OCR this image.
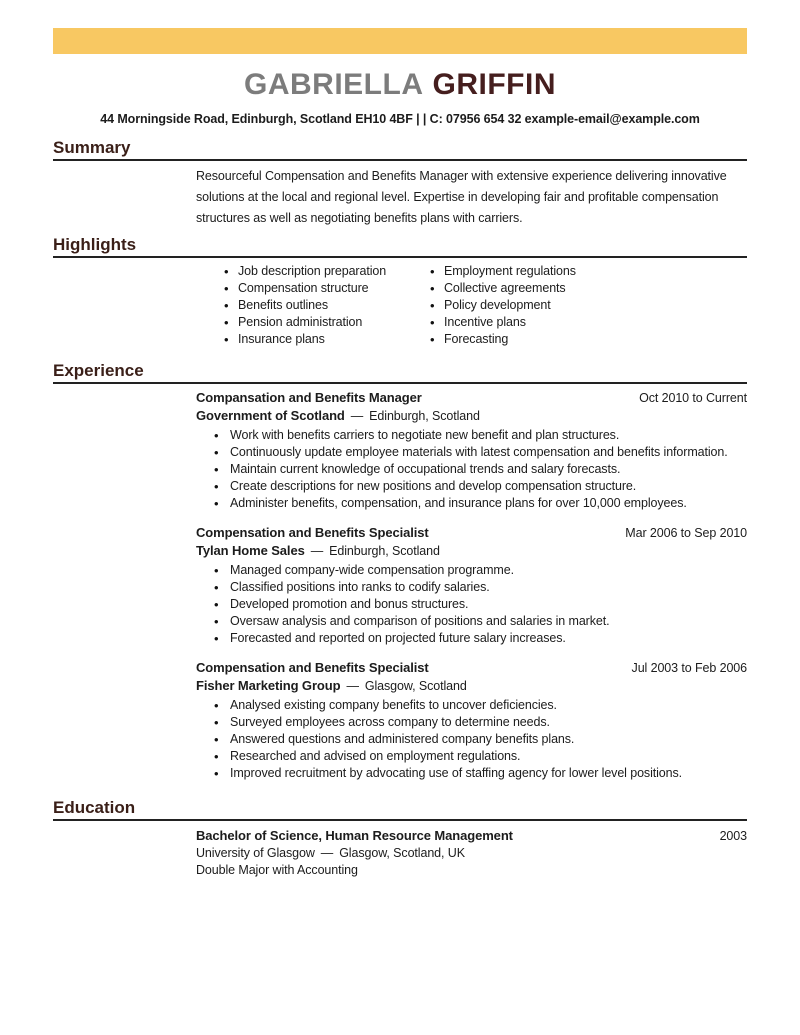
GABRIELLA GRIFFIN
44 Morningside Road, Edinburgh, Scotland EH10 4BF | | C: 07956 654 32 example-email@example.com
Summary
Resourceful Compensation and Benefits Manager with extensive experience delivering innovative solutions at the local and regional level. Expertise in developing fair and profitable compensation structures as well as negotiating benefits plans with carriers.
Highlights
• Job description preparation
• Compensation structure
• Benefits outlines
• Pension administration
• Insurance plans
• Employment regulations
• Collective agreements
• Policy development
• Incentive plans
• Forecasting
Experience
Compansation and Benefits Manager	Oct 2010 to Current
Government of Scotland — Edinburgh, Scotland
• Work with benefits carriers to negotiate new benefit and plan structures.
• Continuously update employee materials with latest compensation and benefits information.
• Maintain current knowledge of occupational trends and salary forecasts.
• Create descriptions for new positions and develop compensation structure.
• Administer benefits, compensation, and insurance plans for over 10,000 employees.
Compensation and Benefits Specialist	Mar 2006 to Sep 2010
Tylan Home Sales — Edinburgh, Scotland
• Managed company-wide compensation programme.
• Classified positions into ranks to codify salaries.
• Developed promotion and bonus structures.
• Oversaw analysis and comparison of positions and salaries in market.
• Forecasted and reported on projected future salary increases.
Compensation and Benefits Specialist	Jul 2003 to Feb 2006
Fisher Marketing Group — Glasgow, Scotland
• Analysed existing company benefits to uncover deficiencies.
• Surveyed employees across company to determine needs.
• Answered questions and administered company benefits plans.
• Researched and advised on employment regulations.
• Improved recruitment by advocating use of staffing agency for lower level positions.
Education
Bachelor of Science, Human Resource Management	2003
University of Glasgow — Glasgow, Scotland, UK
Double Major with Accounting
